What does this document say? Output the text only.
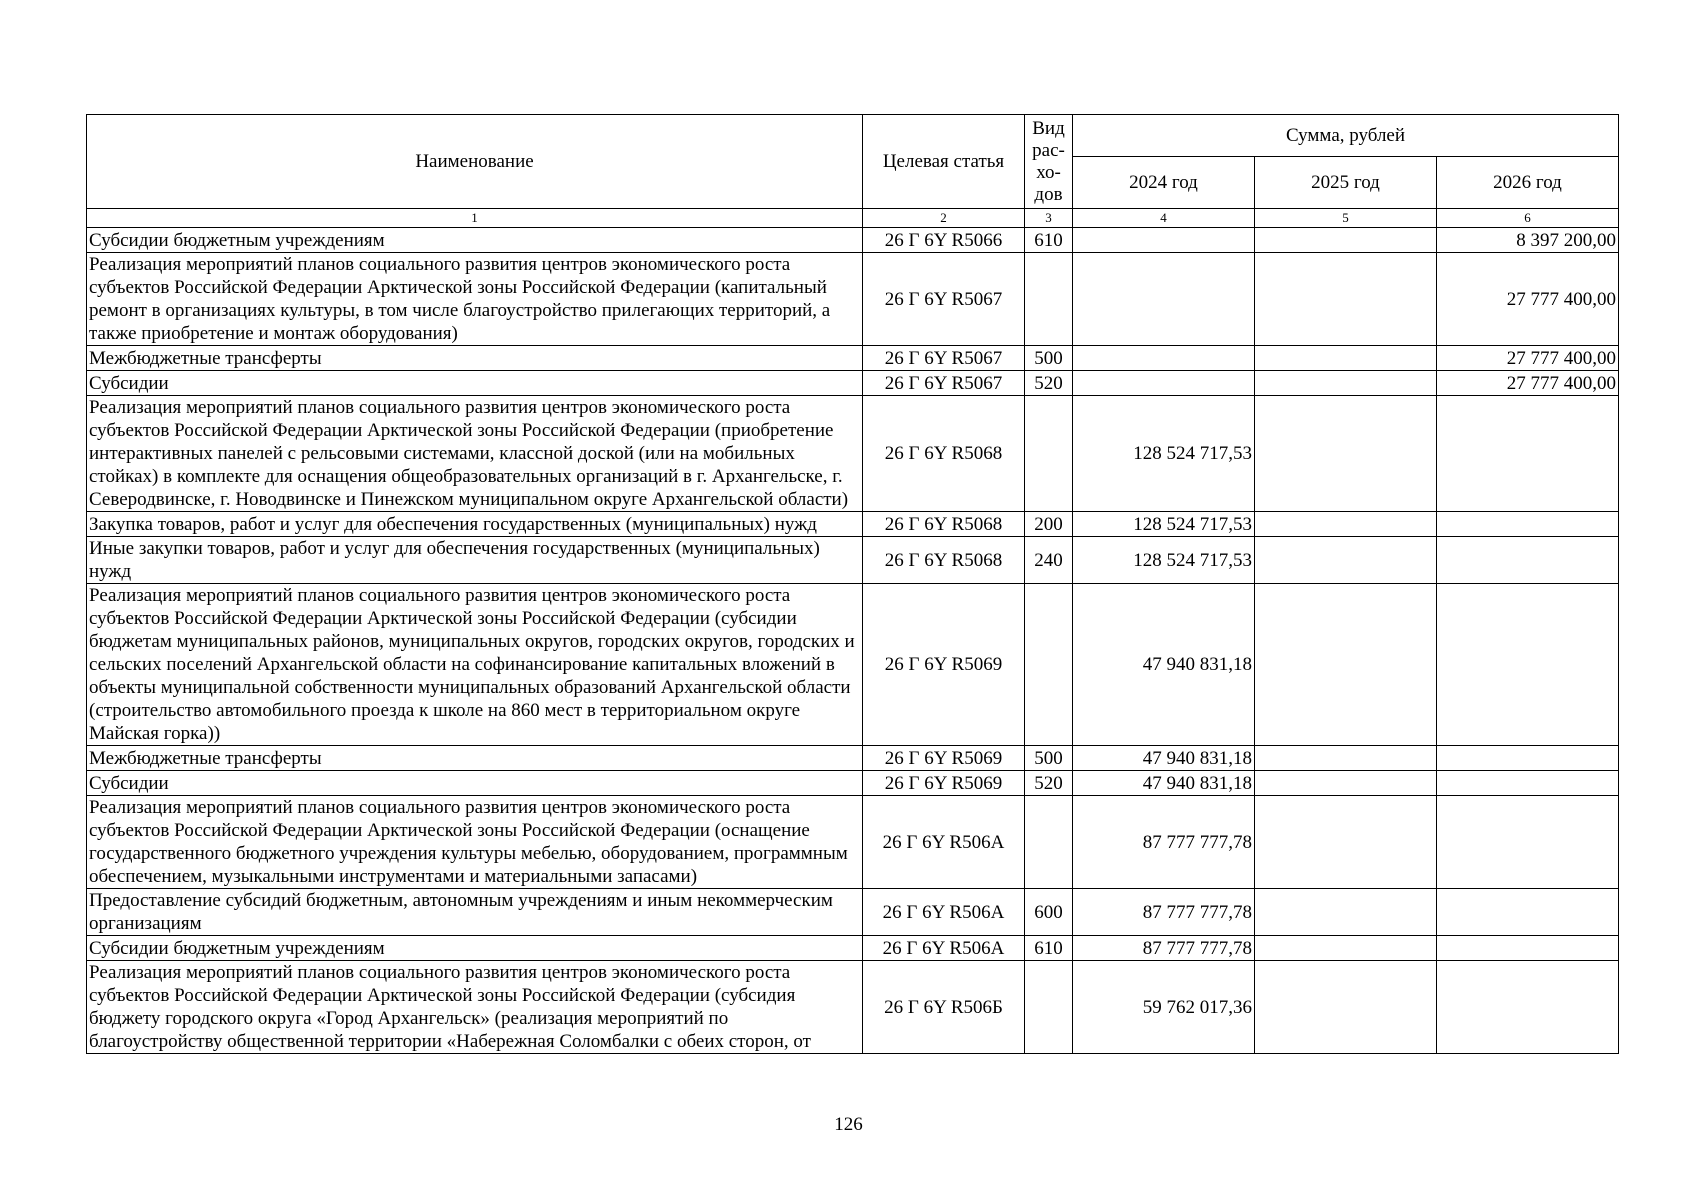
Наименование	Целевая статья	Вид рас-хо-дов	Сумма, рублей		
			2024 год	2025 год	2026 год
1	2	3	4	5	6
Субсидии бюджетным учреждениям	26 Г 6Y R5066	610			8 397 200,00
Реализация мероприятий планов социального развития центров экономического роста субъектов Российской Федерации Арктической зоны Российской Федерации (капитальный ремонт в организациях культуры, в том числе благоустройство прилегающих территорий, а также приобретение и монтаж оборудования)	26 Г 6Y R5067				27 777 400,00
Межбюджетные трансферты	26 Г 6Y R5067	500			27 777 400,00
Субсидии	26 Г 6Y R5067	520			27 777 400,00
Реализация мероприятий планов социального развития центров экономического роста субъектов Российской Федерации Арктической зоны Российской Федерации (приобретение интерактивных панелей с рельсовыми системами, классной доской (или на мобильных стойках) в комплекте для оснащения общеобразовательных организаций в г. Архангельске, г. Северодвинске, г. Новодвинске и Пинежском муниципальном округе Архангельской области)	26 Г 6Y R5068		128 524 717,53		
Закупка товаров, работ и услуг для обеспечения государственных (муниципальных) нужд	26 Г 6Y R5068	200	128 524 717,53		
Иные закупки товаров, работ и услуг для обеспечения государственных (муниципальных) нужд	26 Г 6Y R5068	240	128 524 717,53		
Реализация мероприятий планов социального развития центров экономического роста субъектов Российской Федерации Арктической зоны Российской Федерации (субсидии бюджетам муниципальных районов, муниципальных округов, городских округов, городских и сельских поселений Архангельской области на софинансирование капитальных вложений в объекты муниципальной собственности муниципальных образований Архангельской области (строительство автомобильного проезда к школе на 860 мест в территориальном округе Майская горка))	26 Г 6Y R5069		47 940 831,18		
Межбюджетные трансферты	26 Г 6Y R5069	500	47 940 831,18		
Субсидии	26 Г 6Y R5069	520	47 940 831,18		
Реализация мероприятий планов социального развития центров экономического роста субъектов Российской Федерации Арктической зоны Российской Федерации (оснащение государственного бюджетного учреждения культуры мебелью, оборудованием, программным обеспечением, музыкальными инструментами и материальными запасами)	26 Г 6Y R506А		87 777 777,78		
Предоставление субсидий бюджетным, автономным учреждениям и иным некоммерческим организациям	26 Г 6Y R506А	600	87 777 777,78		
Субсидии бюджетным учреждениям	26 Г 6Y R506А	610	87 777 777,78		
Реализация мероприятий планов социального развития центров экономического роста субъектов Российской Федерации Арктической зоны Российской Федерации (субсидия бюджету городского округа «Город Архангельск» (реализация мероприятий по благоустройству общественной территории «Набережная Соломбалки с обеих сторон, от	26 Г 6Y R506Б		59 762 017,36		
126
